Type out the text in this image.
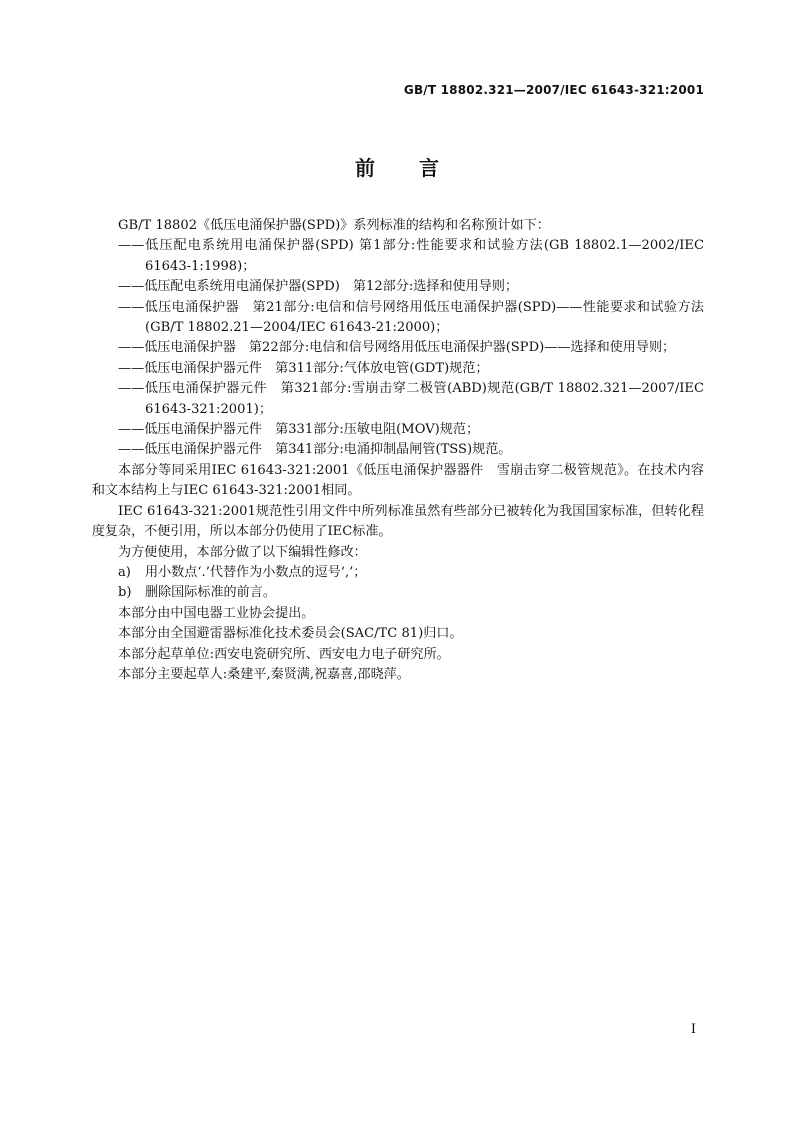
GB/T 18802.321—2007/IEC 61643-321:2001
前言

GB/T 18802《低压电涌保护器(SPD)》系列标准的结构和名称预计如下：

——低压配电系统用电涌保护器(SPD) 第1部分:性能要求和试验方法(GB 18802.1—2002/IEC 61643-1:1998)；

——低压配电系统用电涌保护器(SPD)　第12部分:选择和使用导则；

——低压电涌保护器　第21部分:电信和信号网络用低压电涌保护器(SPD)——性能要求和试验方法(GB/T 18802.21—2004/IEC 61643-21:2000)；

——低压电涌保护器　第22部分:电信和信号网络用低压电涌保护器(SPD)——选择和使用导则；

——低压电涌保护器元件　第311部分:气体放电管(GDT)规范；

——低压电涌保护器元件　第321部分:雪崩击穿二极管(ABD)规范(GB/T 18802.321—2007/IEC 61643-321:2001)；

——低压电涌保护器元件　第331部分:压敏电阻(MOV)规范；

——低压电涌保护器元件　第341部分:电涌抑制晶闸管(TSS)规范。

本部分等同采用IEC 61643-321:2001《低压电涌保护器器件　雪崩击穿二极管规范》。在技术内容和文本结构上与IEC 61643-321:2001相同。

IEC 61643-321:2001规范性引用文件中所列标准虽然有些部分已被转化为我国国家标准，但转化程度复杂，不便引用，所以本部分仍使用了IEC标准。

为方便使用，本部分做了以下编辑性修改：

a) 用小数点‘.’代替作为小数点的逗号‘,’；

b) 删除国际标准的前言。

本部分由中国电器工业协会提出。

本部分由全国避雷器标准化技术委员会(SAC/TC 81)归口。

本部分起草单位:西安电瓷研究所、西安电力电子研究所。

本部分主要起草人:桑建平,秦贤满,祝嘉喜,邵晓萍。

I
